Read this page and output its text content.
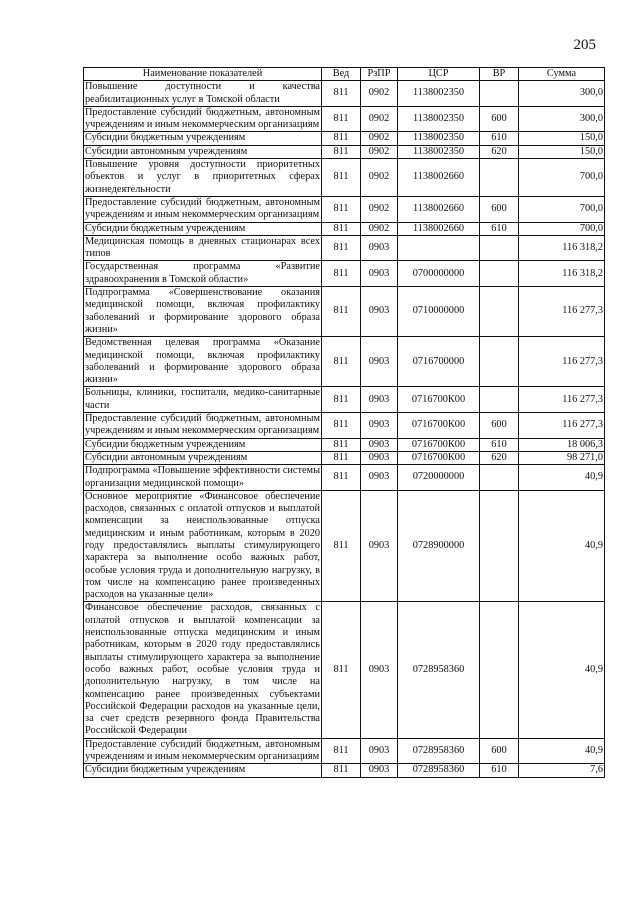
205
Наименование показателей	Вед	РзПР	ЦСР	ВР	Сумма
Повышение доступности и качества реабилитационных услуг в Томской области	811	0902	1138002350		300,0
Предоставление субсидий бюджетным, автономным учреждениям и иным некоммерческим организациям	811	0902	1138002350	600	300,0
Субсидии бюджетным учреждениям	811	0902	1138002350	610	150,0
Субсидии автономным учреждениям	811	0902	1138002350	620	150,0
Повышение уровня доступности приоритетных объектов и услуг в приоритетных сферах жизнедеятельности	811	0902	1138002660		700,0
Предоставление субсидий бюджетным, автономным учреждениям и иным некоммерческим организациям	811	0902	1138002660	600	700,0
Субсидии бюджетным учреждениям	811	0902	1138002660	610	700,0
Медицинская помощь в дневных стационарах всех типов	811	0903			116 318,2
Государственная программа «Развитие здравоохранения в Томской области»	811	0903	0700000000		116 318,2
Подпрограмма «Совершенствование оказания медицинской помощи, включая профилактику заболеваний и формирование здорового образа жизни»	811	0903	0710000000		116 277,3
Ведомственная целевая программа «Оказание медицинской помощи, включая профилактику заболеваний и формирование здорового образа жизни»	811	0903	0716700000		116 277,3
Больницы, клиники, госпитали, медико-санитарные части	811	0903	0716700К00		116 277,3
Предоставление субсидий бюджетным, автономным учреждениям и иным некоммерческим организациям	811	0903	0716700К00	600	116 277,3
Субсидии бюджетным учреждениям	811	0903	0716700К00	610	18 006,3
Субсидии автономным учреждениям	811	0903	0716700К00	620	98 271,0
Подпрограмма «Повышение эффективности системы организации медицинской помощи»	811	0903	0720000000		40,9
Основное мероприятие «Финансовое обеспечение расходов, связанных с оплатой отпусков и выплатой компенсации за неиспользованные отпуска медицинским и иным работникам, которым в 2020 году предоставлялись выплаты стимулирующего характера за выполнение особо важных работ, особые условия труда и дополнительную нагрузку, в том числе на компенсацию ранее произведенных расходов на указанные цели»	811	0903	0728900000		40,9
Финансовое обеспечение расходов, связанных с оплатой отпусков и выплатой компенсации за неиспользованные отпуска медицинским и иным работникам, которым в 2020 году предоставлялись выплаты стимулирующего характера за выполнение особо важных работ, особые условия труда и дополнительную нагрузку, в том числе на компенсацию ранее произведенных субъектами Российской Федерации расходов на указанные цели, за счет средств резервного фонда Правительства Российской Федерации	811	0903	0728958360		40,9
Предоставление субсидий бюджетным, автономным учреждениям и иным некоммерческим организациям	811	0903	0728958360	600	40,9
Субсидии бюджетным учреждениям	811	0903	0728958360	610	7,6
